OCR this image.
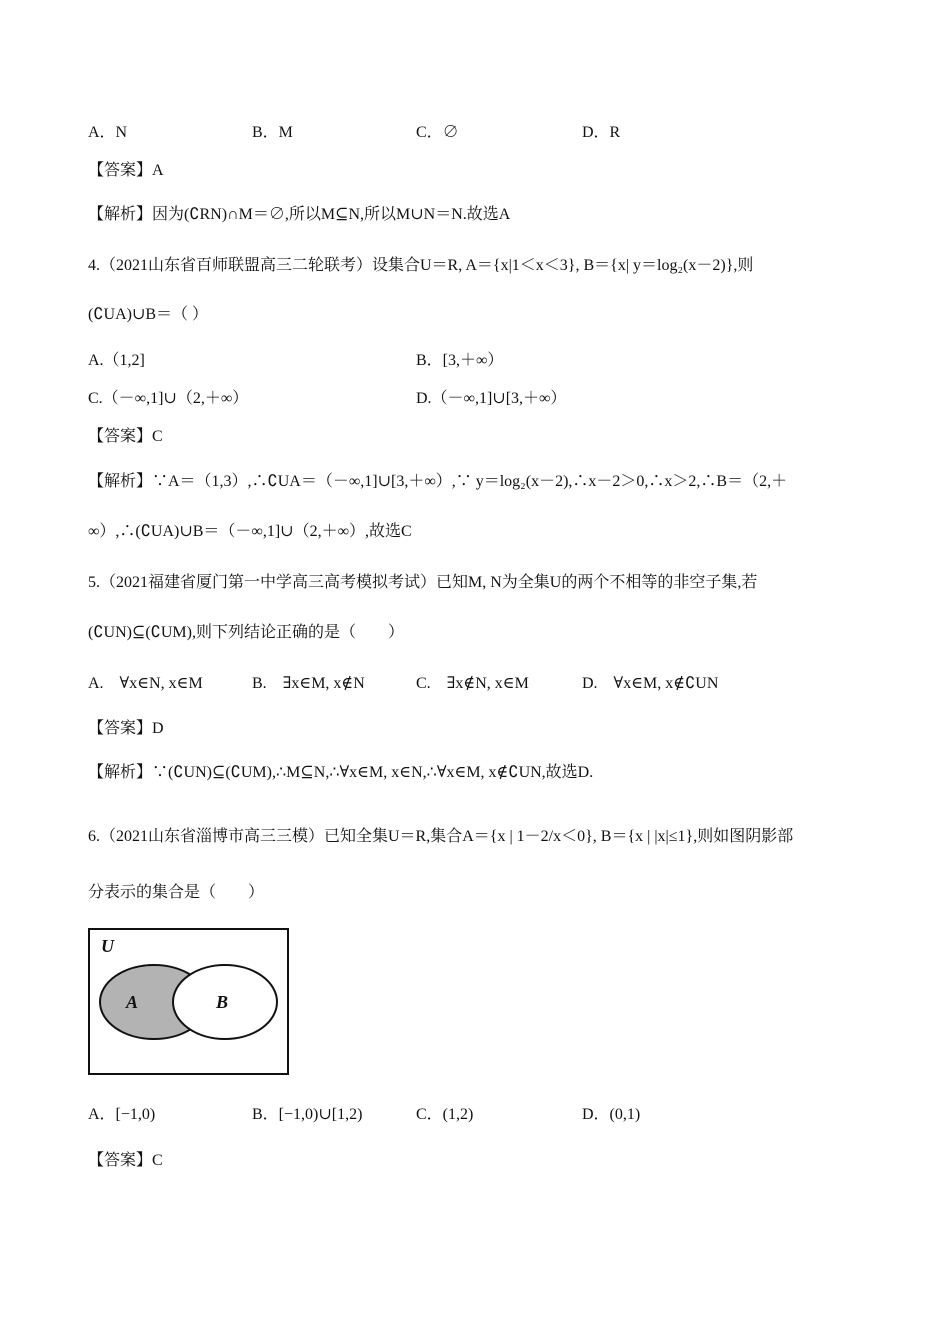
A．N	B．M	C．∅	D．R
【答案】A
【解析】因为(∁RN)∩M＝∅,所以M⊆N,所以M∪N＝N.故选A
4.（2021山东省百师联盟高三二轮联考）设集合U＝R, A＝{x|1＜x＜3}, B＝{x| y＝log₂(x－2)},则
(∁UA)∪B＝（ ）
A.（1,2]	B．[3,＋∞）
C.（－∞,1]∪（2,＋∞）	D.（－∞,1]∪[3,＋∞）
【答案】C
【解析】∵A＝（1,3）,∴∁UA＝（－∞,1]∪[3,＋∞）,∵ y＝log₂(x－2),∴x－2＞0,∴x＞2,∴B＝（2,＋
∞）,∴(∁UA)∪B＝（－∞,1]∪（2,＋∞）,故选C
5.（2021福建省厦门第一中学高三高考模拟考试）已知M, N为全集U的两个不相等的非空子集,若
(∁UN)⊆(∁UM),则下列结论正确的是（　　）
A.　∀x∈N, x∈M	B.　∃x∈M, x∉N	C.　∃x∉N, x∈M	D.　∀x∈M, x∉∁UN
【答案】D
【解析】∵(∁UN)⊆(∁UM),∴M⊆N,∴∀x∈M, x∈N,∴∀x∈M, x∉∁UN,故选D.
6.（2021山东省淄博市高三三模）已知全集U＝R,集合A＝{x | 1－2/x＜0}, B＝{x | |x|≤1},则如图阴影部
分表示的集合是（　　）
U
A	B
A．[−1,0)	B．[−1,0)∪[1,2)	C．(1,2)	D．(0,1)
【答案】C
